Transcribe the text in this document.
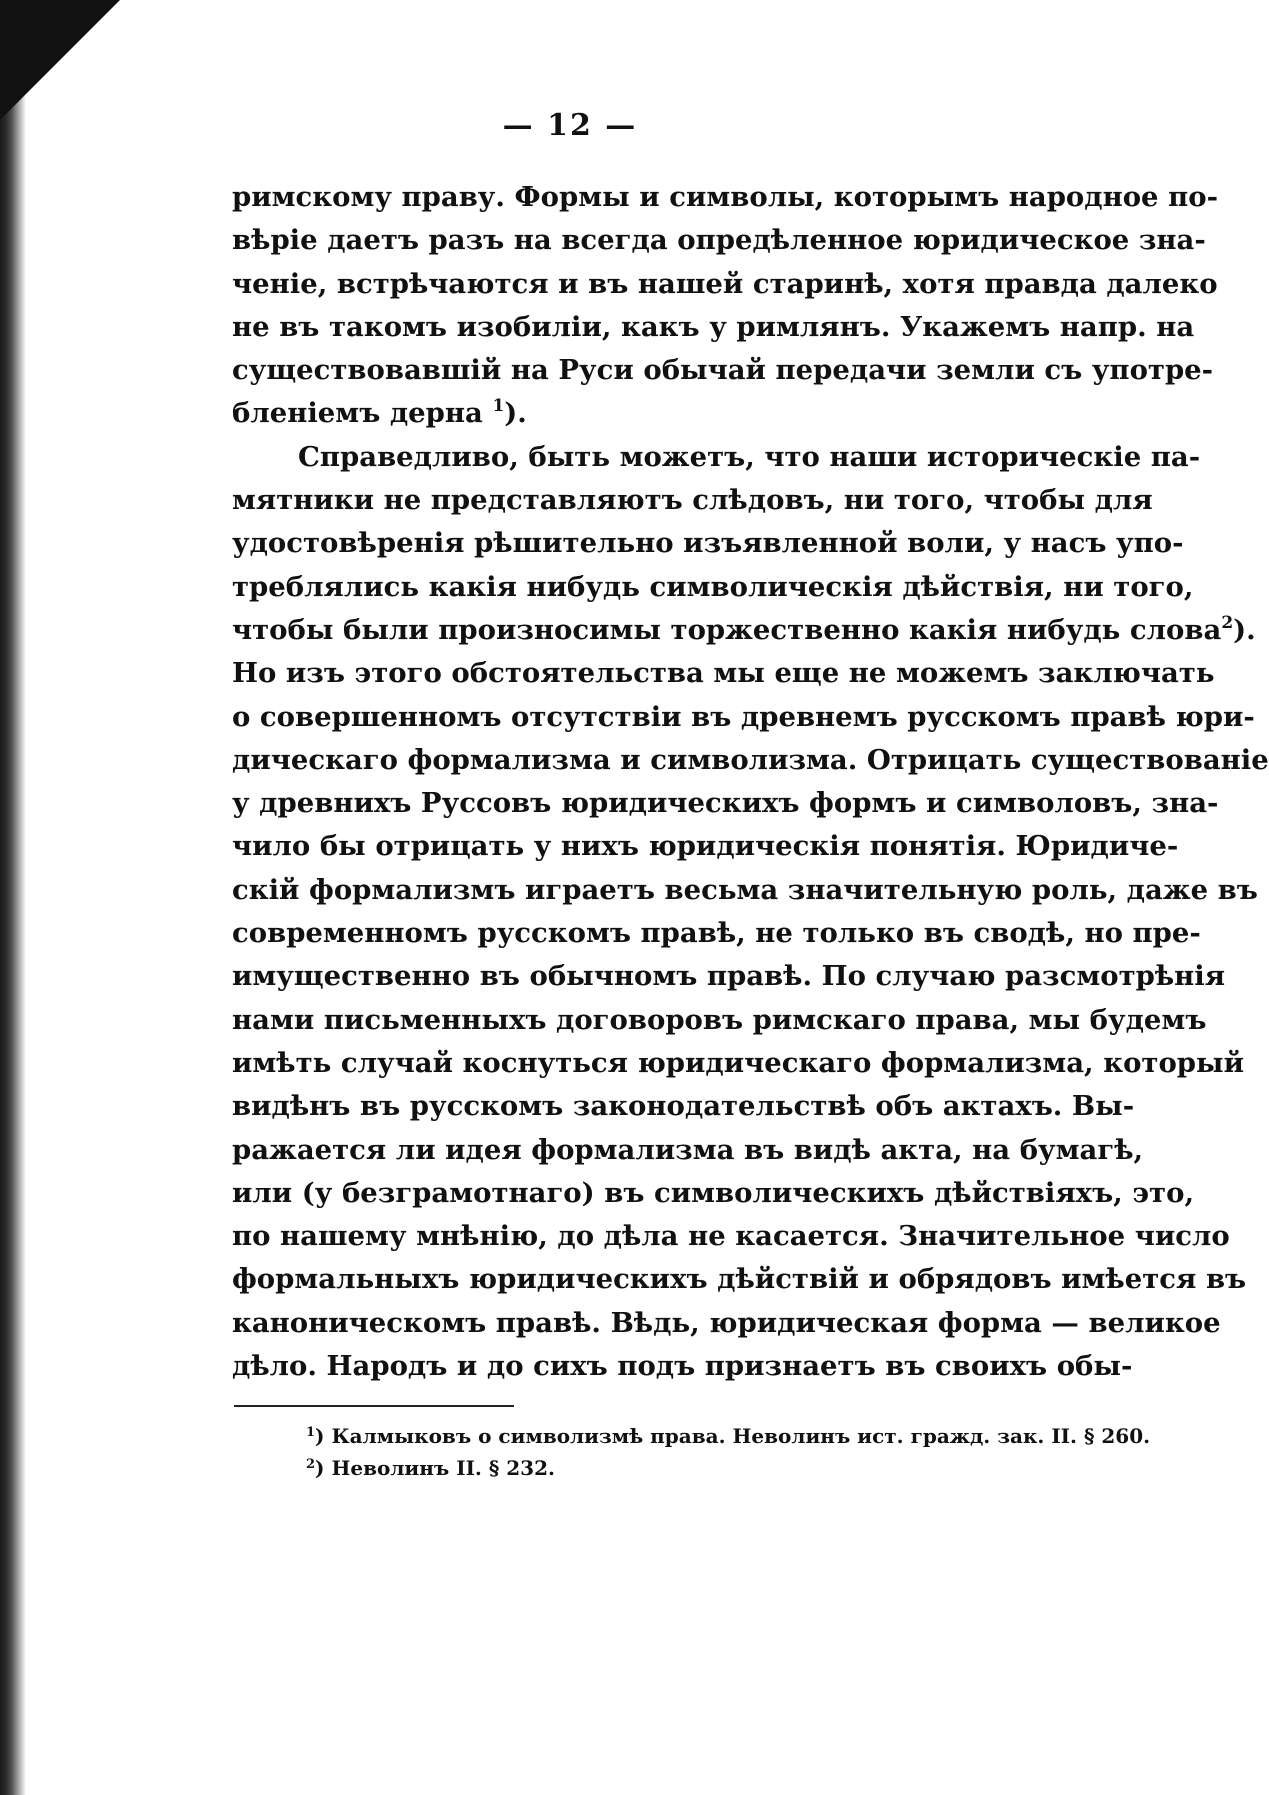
— 12 —
римскому праву. Формы и символы, которымъ народное по-
вѣріе даетъ разъ на всегда опредѣленное юридическое зна-
ченіе, встрѣчаются и въ нашей старинѣ, хотя правда далеко
не въ такомъ изобиліи, какъ у римлянъ. Укажемъ напр. на
существовавшій на Руси обычай передачи земли съ употре-
бленіемъ дерна $^1$).
Справедливо, быть можетъ, что наши историческіе па-
мятники не представляютъ слѣдовъ, ни того, чтобы для
удостовѣренія рѣшительно изъявленной воли, у насъ упо-
треблялись какія нибудь символическія дѣйствія, ни того,
чтобы были произносимы торжественно какія нибудь слова$^2$).
Но изъ этого обстоятельства мы еще не можемъ заключать
о совершенномъ отсутствіи въ древнемъ русскомъ правѣ юри-
дическаго формализма и символизма. Отрицать существованіе
у древнихъ Руссовъ юридическихъ формъ и символовъ, зна-
чило бы отрицать у нихъ юридическія понятія. Юридиче-
скій формализмъ играетъ весьма значительную роль, даже въ
современномъ русскомъ правѣ, не только въ сводѣ, но пре-
имущественно въ обычномъ правѣ. По случаю разсмотрѣнія
нами письменныхъ договоровъ римскаго права, мы будемъ
имѣть случай коснуться юридическаго формализма, который
видѣнъ въ русскомъ законодательствѣ объ актахъ. Вы-
ражается ли идея формализма въ видѣ акта, на бумагѣ,
или (у безграмотнаго) въ символическихъ дѣйствіяхъ, это,
по нашему мнѣнію, до дѣла не касается. Значительное число
формальныхъ юридическихъ дѣйствій и обрядовъ имѣется въ
каноническомъ правѣ. Вѣдь, юридическая форма — великое
дѣло. Народъ и до сихъ подъ признаетъ въ своихъ обы-
$^1$) Калмыковъ о символизмѣ права. Неволинъ ист. гражд. зак. II. § 260.
$^2$) Неволинъ II. § 232.
